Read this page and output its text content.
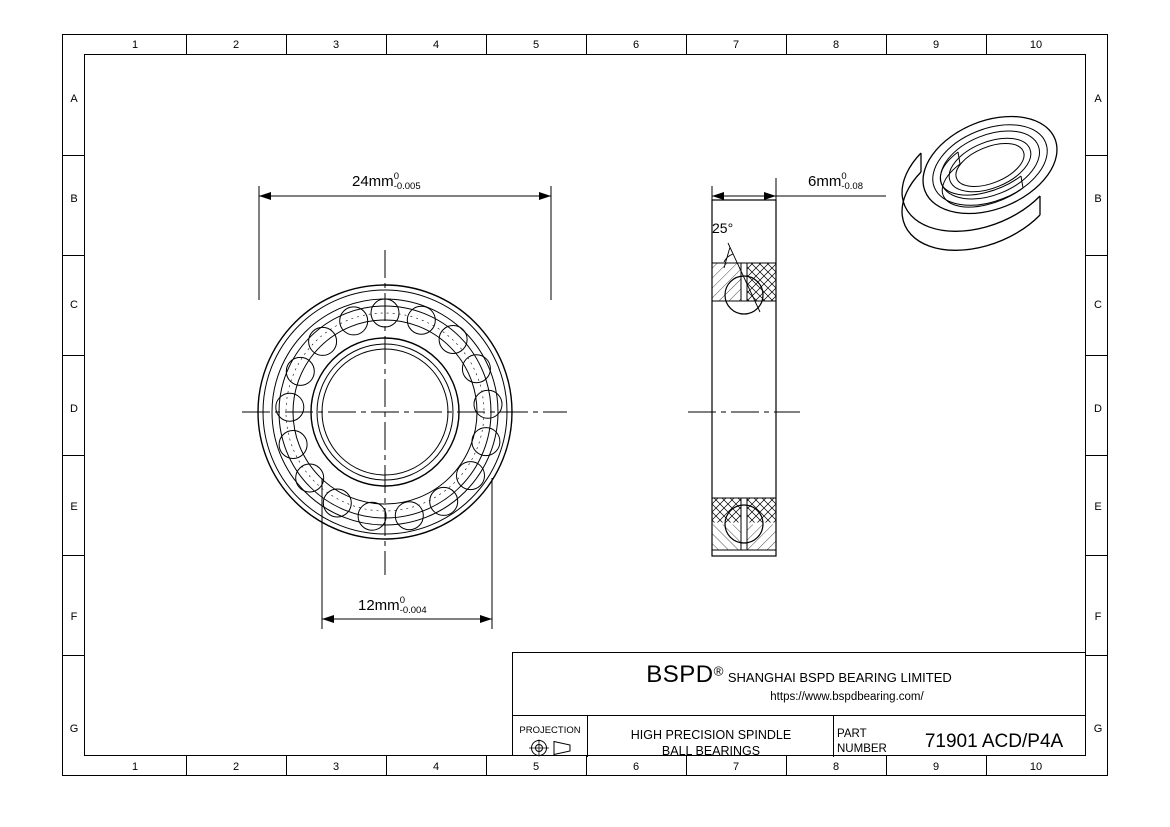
1	2	3	4	5	6	7	8	9	10
1	2	3	4	5	6	7	8	9	10
A
B
C
D
E
F
G
A
B
C
D
E
F
G
24mm 0
-0.005
12mm 0
-0.004
6mm 0
-0.08
25°
BSPD® SHANGHAI BSPD BEARING LIMITED
https://www.bspdbearing.com/
PROJECTION	HIGH PRECISION SPINDLE
BALL BEARINGS
PART
NUMBER	71901 ACD/P4A
